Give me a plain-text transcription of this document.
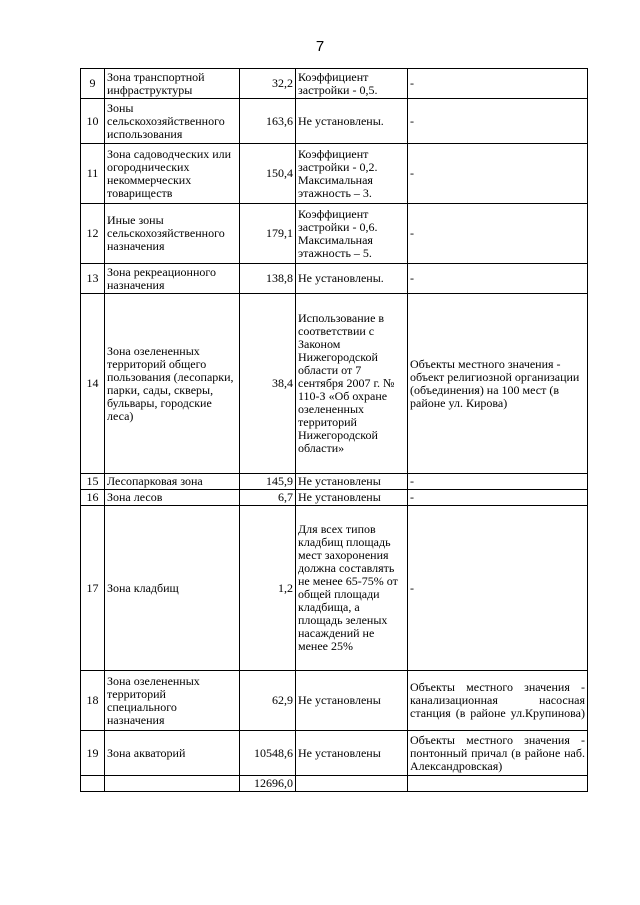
7
9	Зона транспортной инфраструктуры	32,2	Коэффициент застройки - 0,5.	-
10	Зоны сельскохозяйственного использования	163,6	Не установлены.	-
11	Зона садоводческих или огороднических некоммерческих товариществ	150,4	Коэффициент застройки - 0,2. Максимальная этажность – 3.	-
12	Иные зоны сельскохозяйственного назначения	179,1	Коэффициент застройки - 0,6. Максимальная этажность – 5.	-
13	Зона рекреационного назначения	138,8	Не установлены.	-
14	Зона озелененных территорий общего пользования (лесопарки, парки, сады, скверы, бульвары, городские леса)	38,4	Использование в соответствии с Законом Нижегородской области от 7 сентября 2007 г. № 110-З «Об охране озелененных территорий Нижегородской области»	Объекты местного значения - объект религиозной организации (объединения) на 100 мест (в районе ул. Кирова)
15	Лесопарковая зона	145,9	Не установлены	-
16	Зона лесов	6,7	Не установлены	-
17	Зона кладбищ	1,2	Для всех типов кладбищ площадь мест захоронения должна составлять не менее 65-75% от общей площади кладбища, а площадь зеленых насаждений не менее 25%	-
18	Зона озелененных территорий специального назначения	62,9	Не установлены	Объекты местного значения - канализационная насосная станция (в районе ул.Крупинова)
19	Зона акваторий	10548,6	Не установлены	Объекты местного значения - понтонный причал (в районе наб. Александровская)
		12696,0		
